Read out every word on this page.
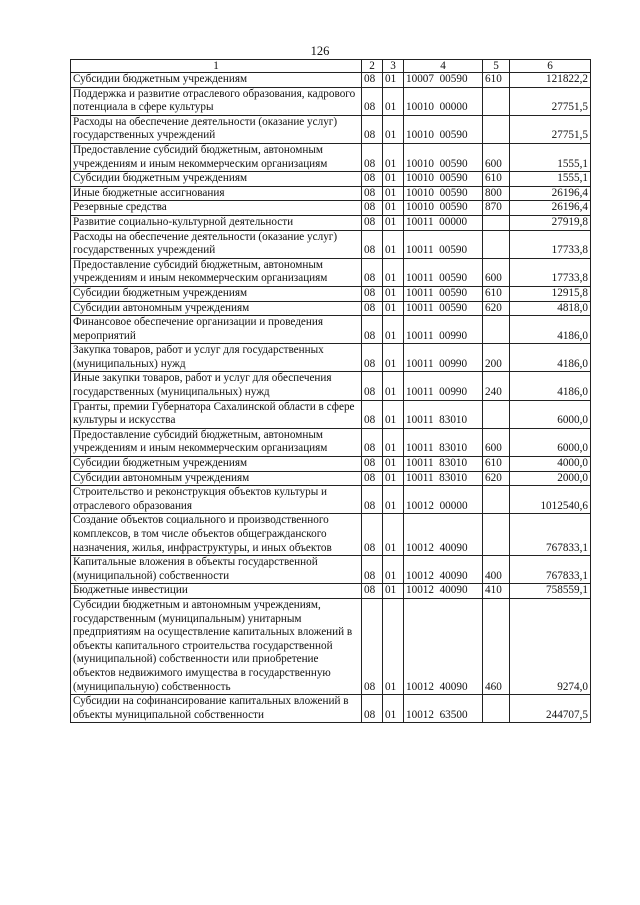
126
1	2	3	4	5	6
Субсидии бюджетным учреждениям	08	01	10007  00590	610	121822,2
Поддержка и развитие отраслевого образования, кадрового потенциала в сфере культуры	08	01	10010  00000		27751,5
Расходы на обеспечение деятельности (оказание услуг) государственных учреждений	08	01	10010  00590		27751,5
Предоставление субсидий бюджетным, автономным учреждениям и иным некоммерческим организациям	08	01	10010  00590	600	1555,1
Субсидии бюджетным учреждениям	08	01	10010  00590	610	1555,1
Иные бюджетные ассигнования	08	01	10010  00590	800	26196,4
Резервные средства	08	01	10010  00590	870	26196,4
Развитие социально-культурной деятельности	08	01	10011  00000		27919,8
Расходы на обеспечение деятельности (оказание услуг) государственных учреждений	08	01	10011  00590		17733,8
Предоставление субсидий бюджетным, автономным учреждениям и иным некоммерческим организациям	08	01	10011  00590	600	17733,8
Субсидии бюджетным учреждениям	08	01	10011  00590	610	12915,8
Субсидии автономным учреждениям	08	01	10011  00590	620	4818,0
Финансовое обеспечение организации и проведения мероприятий	08	01	10011  00990		4186,0
Закупка товаров, работ и услуг для государственных (муниципальных) нужд	08	01	10011  00990	200	4186,0
Иные закупки товаров, работ и услуг для обеспечения государственных (муниципальных) нужд	08	01	10011  00990	240	4186,0
Гранты, премии Губернатора Сахалинской области в сфере культуры и искусства	08	01	10011  83010		6000,0
Предоставление субсидий бюджетным, автономным учреждениям и иным некоммерческим организациям	08	01	10011  83010	600	6000,0
Субсидии бюджетным учреждениям	08	01	10011  83010	610	4000,0
Субсидии автономным учреждениям	08	01	10011  83010	620	2000,0
Строительство и реконструкция объектов культуры и отраслевого образования	08	01	10012  00000		1012540,6
Создание объектов социального и производственного комплексов, в том числе объектов общегражданского назначения, жилья, инфраструктуры, и иных объектов	08	01	10012  40090		767833,1
Капитальные вложения в объекты государственной (муниципальной) собственности	08	01	10012  40090	400	767833,1
Бюджетные инвестиции	08	01	10012  40090	410	758559,1
Субсидии бюджетным и автономным учреждениям, государственным (муниципальным) унитарным предприятиям на осуществление капитальных вложений в объекты капитального строительства государственной (муниципальной) собственности или приобретение объектов недвижимого имущества в государственную (муниципальную) собственность	08	01	10012  40090	460	9274,0
Субсидии на софинансирование капитальных вложений в объекты муниципальной собственности	08	01	10012  63500		244707,5
